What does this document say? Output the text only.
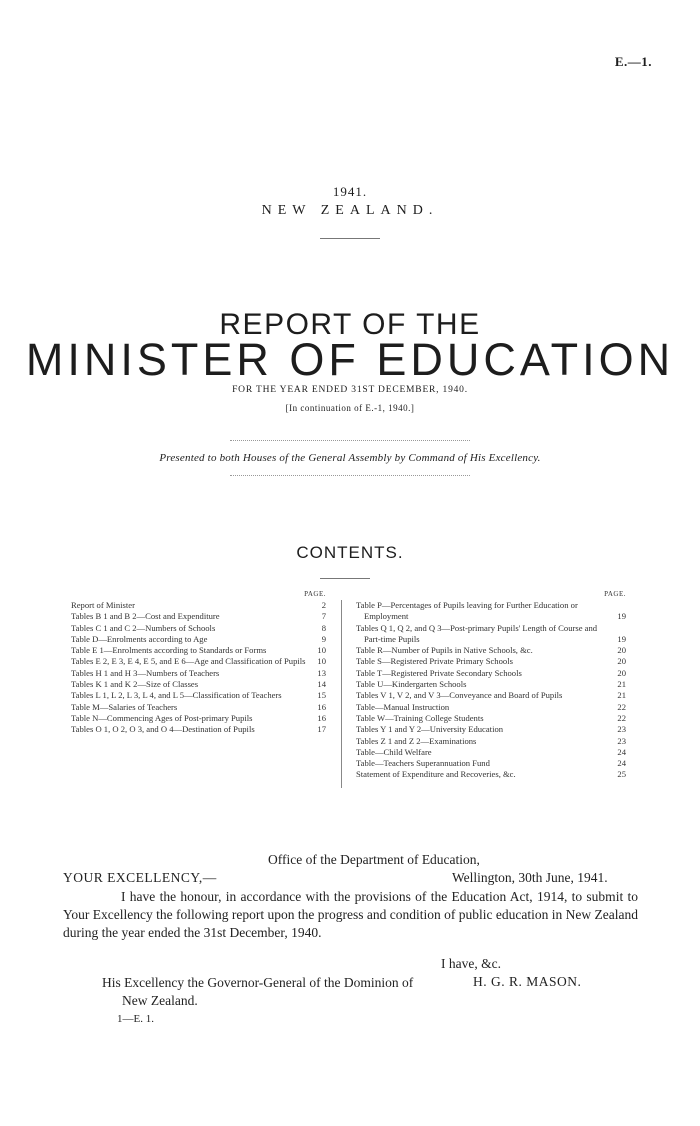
E.—1.
1941.
NEW ZEALAND.
REPORT OF THE
MINISTER OF EDUCATION
FOR THE YEAR ENDED 31ST DECEMBER, 1940.
[In continuation of E.-1, 1940.]
Presented to both Houses of the General Assembly by Command of His Excellency.
CONTENTS.
PAGE.
Report of Minister	2
Tables B 1 and B 2—Cost and Expenditure	7
Tables C 1 and C 2—Numbers of Schools	8
Table D—Enrolments according to Age	9
Table E 1—Enrolments according to Standards or Forms	10
Tables E 2, E 3, E 4, E 5, and E 6—Age and Classification of Pupils	10
Tables H 1 and H 3—Numbers of Teachers	13
Tables K 1 and K 2—Size of Classes	14
Tables L 1, L 2, L 3, L 4, and L 5—Classification of Teachers	15
Table M—Salaries of Teachers	16
Table N—Commencing Ages of Post-primary Pupils	16
Tables O 1, O 2, O 3, and O 4—Destination of Pupils	17
PAGE.
Table P—Percentages of Pupils leaving for Further Education or Employment	19
Tables Q 1, Q 2, and Q 3—Post-primary Pupils' Length of Course and Part-time Pupils	19
Table R—Number of Pupils in Native Schools, &c.	20
Table S—Registered Private Primary Schools	20
Table T—Registered Private Secondary Schools	20
Table U—Kindergarten Schools	21
Tables V 1, V 2, and V 3—Conveyance and Board of Pupils	21
Table—Manual Instruction	22
Table W—Training College Students	22
Tables Y 1 and Y 2—University Education	23
Tables Z 1 and Z 2—Examinations	23
Table—Child Welfare	24
Table—Teachers Superannuation Fund	24
Statement of Expenditure and Recoveries, &c.	25
Office of the Department of Education,
YOUR EXCELLENCY,—	Wellington, 30th June, 1941.
I have the honour, in accordance with the provisions of the Education Act, 1914, to submit to Your Excellency the following report upon the progress and condition of public education in New Zealand during the year ended the 31st December, 1940.
I have, &c.
His Excellency the Governor-General of the Dominion of New Zealand.
H. G. R. MASON.
1—E. 1.
